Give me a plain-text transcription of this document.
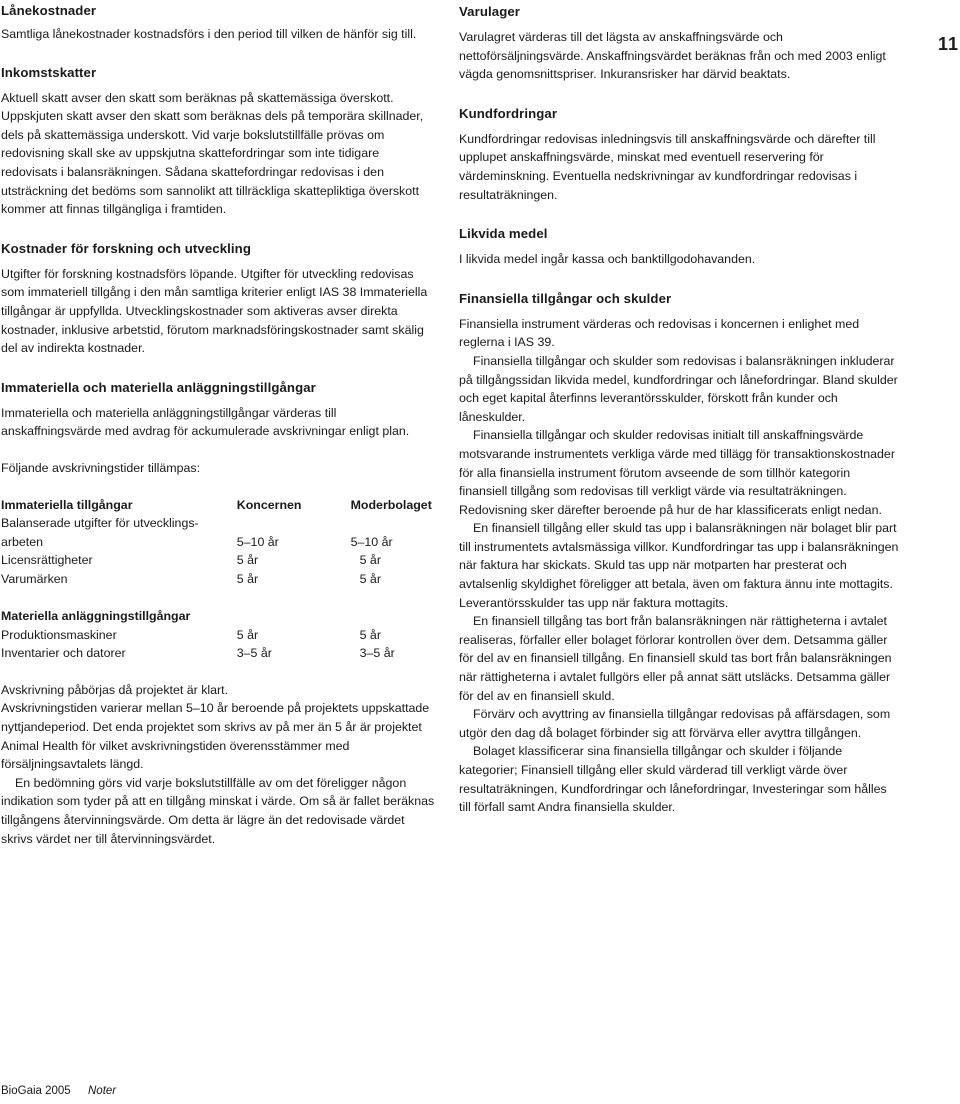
11
Lånekostnader

Samtliga lånekostnader kostnadsförs i den period till vilken de hänför sig till.

Inkomstskatter

Aktuell skatt avser den skatt som beräknas på skattemässiga överskott. Uppskjuten skatt avser den skatt som beräknas dels på temporära skillnader, dels på skattemässiga underskott. Vid varje bokslutstillfälle prövas om redovisning skall ske av uppskjutna skattefordringar som inte tidigare redovisats i balansräkningen. Sådana skattefordringar redovisas i den utsträckning det bedöms som sannolikt att tillräckliga skattepliktiga överskott kommer att finnas tillgängliga i framtiden.

Kostnader för forskning och utveckling

Utgifter för forskning kostnadsförs löpande. Utgifter för utveckling redovisas som immateriell tillgång i den mån samtliga kriterier enligt IAS 38 Immateriella tillgångar är uppfyllda. Utvecklingskostnader som aktiveras avser direkta kostnader, inklusive arbetstid, förutom marknadsföringskostnader samt skälig del av indirekta kostnader.

Immateriella och materiella anläggningstillgångar

Immateriella och materiella anläggningstillgångar värderas till anskaffningsvärde med avdrag för ackumulerade avskrivningar enligt plan.

Följande avskrivningstider tillämpas:

Immateriella tillgångar	Koncernen	Moderbolaget
Balanserade utgifter för utvecklings-		
arbeten	5–10 år	5–10 år
Licensrättigheter	5 år	5 år
Varumärken	5 år	5 år

Materiella anläggningstillgångar		
Produktionsmaskiner	5 år	5 år
Inventarier och datorer	3–5 år	3–5 år

Avskrivning påbörjas då projektet är klart.

Avskrivningstiden varierar mellan 5–10 år beroende på projektets uppskattade nyttjandeperiod. Det enda projektet som skrivs av på mer än 5 år är projektet Animal Health för vilket avskrivningstiden överensstämmer med försäljningsavtalets längd.

En bedömning görs vid varje bokslutstillfälle av om det föreligger någon indikation som tyder på att en tillgång minskat i värde. Om så är fallet beräknas tillgångens återvinningsvärde. Om detta är lägre än det redovisade värdet skrivs värdet ner till återvinningsvärdet.

Varulager

Varulagret värderas till det lägsta av anskaffningsvärde och nettoförsäljningsvärde. Anskaffningsvärdet beräknas från och med 2003 enligt vägda genomsnittspriser. Inkuransrisker har därvid beaktats.

Kundfordringar

Kundfordringar redovisas inledningsvis till anskaffningsvärde och därefter till upplupet anskaffningsvärde, minskat med eventuell reservering för värdeminskning. Eventuella nedskrivningar av kundfordringar redovisas i resultaträkningen.

Likvida medel

I likvida medel ingår kassa och banktillgodohavanden.

Finansiella tillgångar och skulder

Finansiella instrument värderas och redovisas i koncernen i enlighet med reglerna i IAS 39.

Finansiella tillgångar och skulder som redovisas i balansräkningen inkluderar på tillgångssidan likvida medel, kundfordringar och lånefordringar. Bland skulder och eget kapital återfinns leverantörsskulder, förskott från kunder och låneskulder.

Finansiella tillgångar och skulder redovisas initialt till anskaffningsvärde motsvarande instrumentets verkliga värde med tillägg för transaktionskostnader för alla finansiella instrument förutom avseende de som tillhör kategorin finansiell tillgång som redovisas till verkligt värde via resultaträkningen. Redovisning sker därefter beroende på hur de har klassificerats enligt nedan.

En finansiell tillgång eller skuld tas upp i balansräkningen när bolaget blir part till instrumentets avtalsmässiga villkor. Kundfordringar tas upp i balansräkningen när faktura har skickats. Skuld tas upp när motparten har presterat och avtalsenlig skyldighet föreligger att betala, även om faktura ännu inte mottagits. Leverantörsskulder tas upp när faktura mottagits.

En finansiell tillgång tas bort från balansräkningen när rättigheterna i avtalet realiseras, förfaller eller bolaget förlorar kontrollen över dem. Detsamma gäller för del av en finansiell tillgång. En finansiell skuld tas bort från balansräkningen när rättigheterna i avtalet fullgörs eller på annat sätt utsläcks. Detsamma gäller för del av en finansiell skuld.

Förvärv och avyttring av finansiella tillgångar redovisas på affärsdagen, som utgör den dag då bolaget förbinder sig att förvärva eller avyttra tillgången.

Bolaget klassificerar sina finansiella tillgångar och skulder i följande kategorier; Finansiell tillgång eller skuld värderad till verkligt värde över resultaträkningen, Kundfordringar och lånefordringar, Investeringar som hålles till förfall samt Andra finansiella skulder.

BioGaia 2005 Noter
